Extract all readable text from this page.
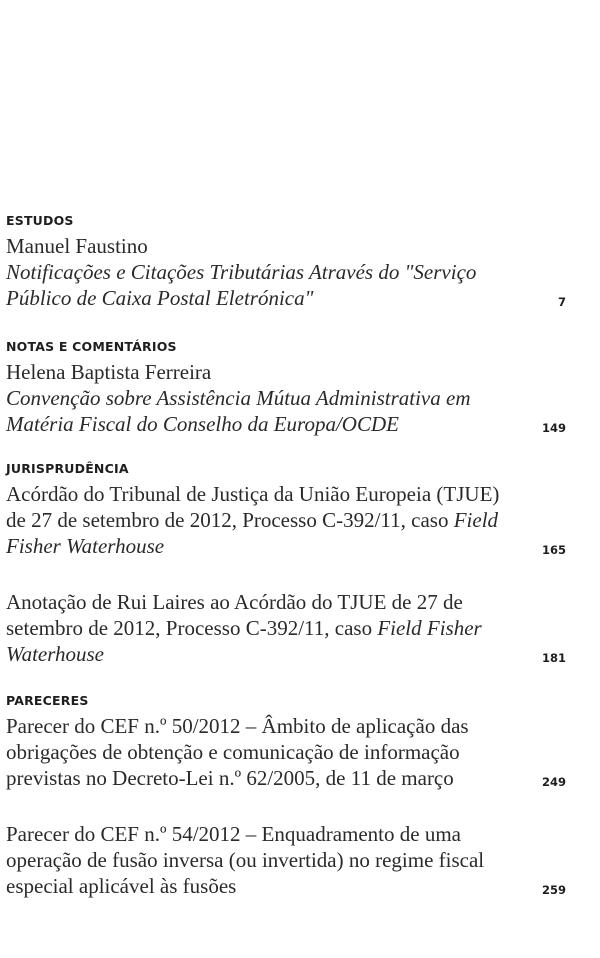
ESTUDOS
Manuel Faustino
Notificações e Citações Tributárias Através do "Serviço
Público de Caixa Postal Eletrónica"	7
NOTAS E COMENTÁRIOS
Helena Baptista Ferreira
Convenção sobre Assistência Mútua Administrativa em
Matéria Fiscal do Conselho da Europa/OCDE	149
JURISPRUDÊNCIA
Acórdão do Tribunal de Justiça da União Europeia (TJUE)
de 27 de setembro de 2012, Processo C-392/11, caso Field
Fisher Waterhouse	165
Anotação de Rui Laires ao Acórdão do TJUE de 27 de
setembro de 2012, Processo C-392/11, caso Field Fisher
Waterhouse	181
PARECERES
Parecer do CEF n.º 50/2012 – Âmbito de aplicação das
obrigações de obtenção e comunicação de informação
previstas no Decreto-Lei n.º 62/2005, de 11 de março	249
Parecer do CEF n.º 54/2012 – Enquadramento de uma
operação de fusão inversa (ou invertida) no regime fiscal
especial aplicável às fusões	259
